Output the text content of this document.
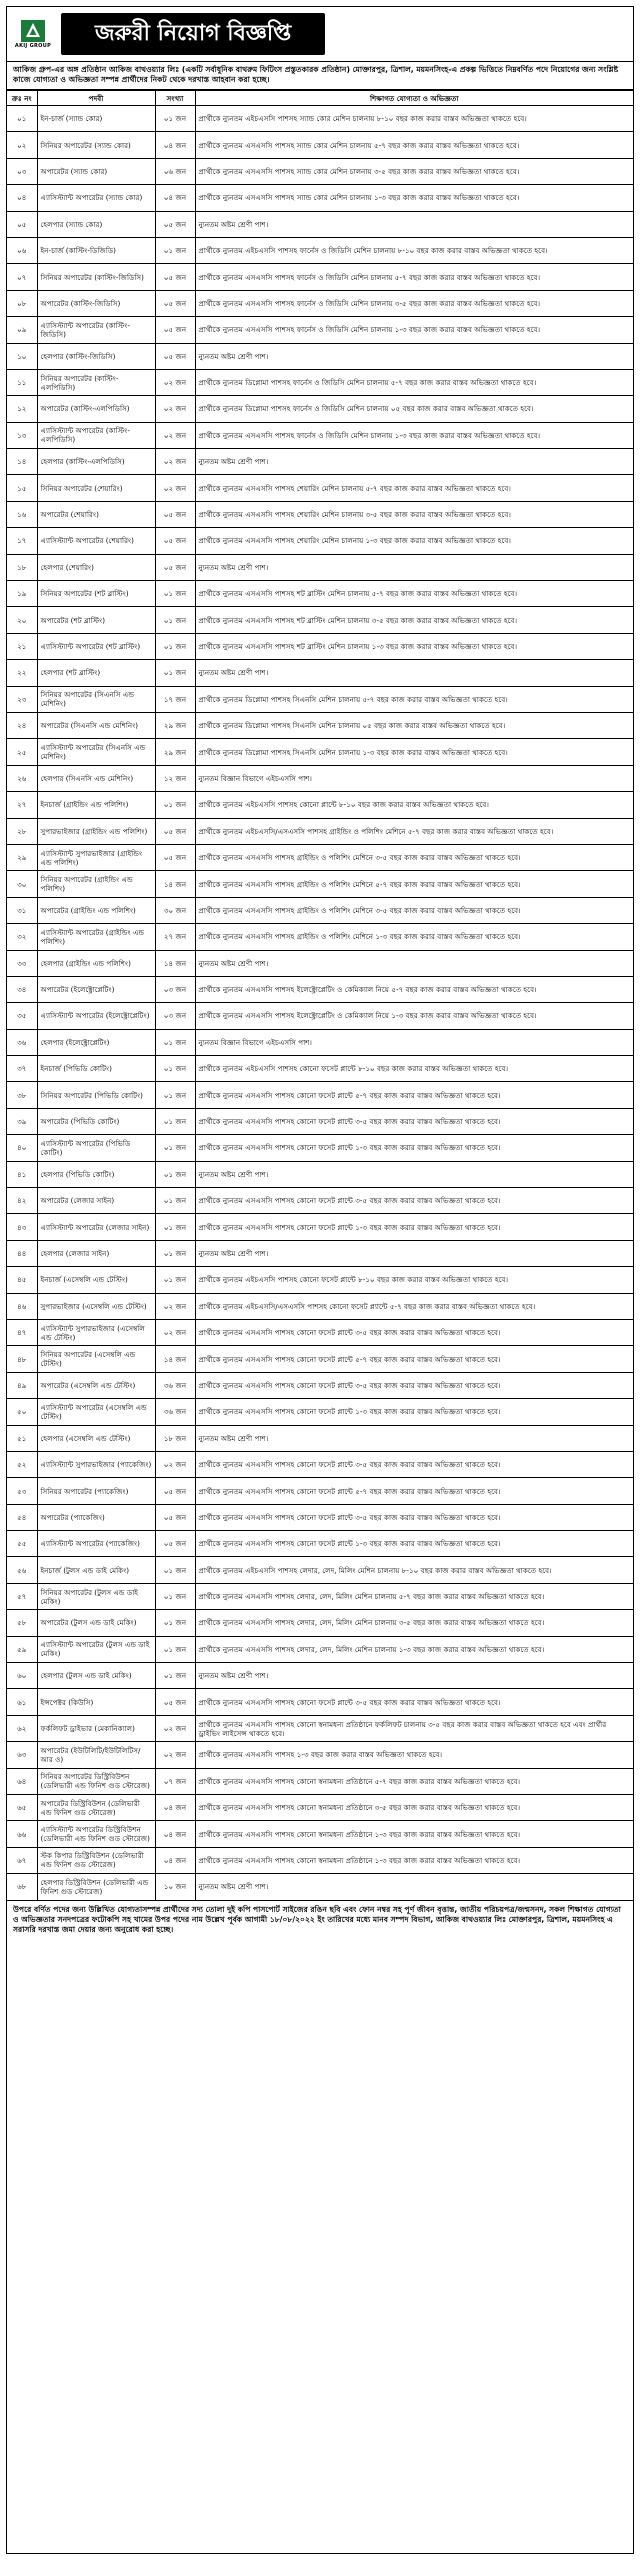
AKIJ GROUP	জরুরী নিয়োগ বিজ্ঞপ্তি
আকিজ গ্রুপ-এর অঙ্গ প্রতিষ্ঠান আকিজ বাথওয়্যার লিঃ (একটি সর্বাধুনিক বাথরুম ফিটিংস প্রস্তুতকারক প্রতিষ্ঠান) মোক্তারপুর, ত্রিশাল, ময়মনসিংহ-এ প্রকল্প ভিত্তিতে নিম্নবর্ণিত পদে নিয়োগের জন্য সংশ্লিষ্ট কাজে যোগ্যতা ও অভিজ্ঞতা সম্পন্ন প্রার্থীদের নিকট থেকে দরখাস্ত আহবান করা হচ্ছে।
ক্রঃ নং	পদবী	সংখ্যা	শিক্ষাগত যোগ্যতা ও অভিজ্ঞতা
০১	ইন-চার্জ (স্যান্ড কোর)	০১ জন	প্রার্থীকে ন্যুনতম এইচএসসি পাশসহ স্যান্ড কোর মেশিন চালনায় ৮-১০ বছর কাজ করার বাস্তব অভিজ্ঞতা থাকতে হবে।
০২	সিনিয়র অপারেটর (স্যান্ড কোর)	০৪ জন	প্রার্থীকে ন্যুনতম এসএসসি পাশসহ স্যান্ড কোর মেশিন চালনায় ৫-৭ বছর কাজ করার বাস্তব অভিজ্ঞতা থাকতে হবে।
০৩	অপারেটর (স্যান্ড কোর)	০৬ জন	প্রার্থীকে ন্যুনতম এসএসসি পাশসহ স্যান্ড কোর মেশিন চালনায় ৩-৫ বছর কাজ করার বাস্তব অভিজ্ঞতা থাকতে হবে।
০৪	এ্যাসিস্ট্যান্ট অপারেটর (স্যান্ড কোর)	০৪ জন	প্রার্থীকে ন্যুনতম এসএসসি পাশসহ স্যান্ড কোর মেশিন চালনায় ১-৩ বছর কাজ করার বাস্তব অভিজ্ঞতা থাকতে হবে।
০৫	হেলপার (স্যান্ড কোর)	০৫ জন	ন্যুনতম অষ্টম শ্রেণী পাশ।
০৬	ইন-চার্জ (কাস্টিং-ডিজিডি)	০১ জন	প্রার্থীকে ন্যুনতম এইচএসসি পাশসহ ফার্নেস ও জিডিসি মেশিন চালনায় ৮-১০ বছর কাজ করার বাস্তব অভিজ্ঞতা থাকতে হবে।
০৭	সিনিয়র অপারেটর (কাস্টিং-জিডিসি)	০৫ জন	প্রার্থীকে ন্যুনতম এসএসসি পাশসহ ফার্নেস ও জিডিসি মেশিন চালনায় ৫-৭ বছর কাজ করার বাস্তব অভিজ্ঞতা থাকতে হবে।
০৮	অপারেটর (কাস্টিং-জিডিসি)	০৫ জন	প্রার্থীকে ন্যুনতম এসএসসি পাশসহ ফার্নেস ও জিডিসি মেশিন চালনায় ৩-৫ বছর কাজ করার বাস্তব অভিজ্ঞতা থাকতে হবে।
০৯	এ্যাসিস্ট্যান্ট অপারেটর (কাস্টিং-জিডিসি)	০৫ জন	প্রার্থীকে ন্যুনতম এসএসসি পাশসহ ফার্নেস ও জিডিসি মেশিন চালনায় ১-৩ বছর কাজ করার বাস্তব অভিজ্ঞতা থাকতে হবে।
১০	হেলপার (কাস্টিং-জিডিসি)	০৫ জন	ন্যুনতম অষ্টম শ্রেণী পাশ।
১১	সিনিয়র অপারেটর (কাস্টিং-এলপিডিসি)	০২ জন	প্রার্থীকে ন্যুনতম ডিপ্লোমা পাশসহ ফার্নেস ও জিডিসি মেশিন চালনায় ৫-৭ বছর কাজ করার বাস্তব অভিজ্ঞতা থাকতে হবে।
১২	অপারেটর (কাস্টিং-এলপিডিসি)	০২ জন	প্রার্থীকে ন্যুনতম ডিপ্লোমা পাশসহ ফার্নেস ও জিডিসি মেশিন চালনায় ০৫ বছর কাজ করার বাস্তব অভিজ্ঞতা থাকতে হবে।
১৩	এ্যাসিস্ট্যান্ট অপারেটর (কাস্টিং-এলপিডিসি)	০২ জন	প্রার্থীকে ন্যুনতম এসএসসি পাশসহ ফার্নেস ও জিডিসি মেশিন চালনায় ১-৩ বছর কাজ করার বাস্তব অভিজ্ঞতা থাকতে হবে।
১৪	হেলপার (কাস্টিং-এলপিডিসি)	০২ জন	ন্যুনতম অষ্টম শ্রেণী পাশ।
১৫	সিনিয়র অপারেটর (শেয়ারিং)	০২ জন	প্রার্থীকে ন্যুনতম এসএসসি পাশসহ শেয়ারিং মেশিন চালনায় ৫-৭ বছর কাজ করার বাস্তব অভিজ্ঞতা থাকতে হবে।
১৬	অপারেটর (শেয়ারিং)	০৫ জন	প্রার্থীকে ন্যুনতম এসএসসি পাশসহ শেয়ারিং মেশিন চালনায় ৩-৫ বছর কাজ করার বাস্তব অভিজ্ঞতা থাকতে হবে।
১৭	এ্যাসিস্ট্যান্ট অপারেটর (শেয়ারিং)	০৫ জন	প্রার্থীকে ন্যুনতম এসএসসি পাশসহ শেয়ারিং মেশিন চালনায় ১-৩ বছর কাজ করার বাস্তব অভিজ্ঞতা থাকতে হবে।
১৮	হেলপার (শেয়ারিং)	০৫ জন	ন্যুনতম অষ্টম শ্রেণী পাশ।
১৯	সিনিয়র অপারেটর (শট ব্লাস্টিং)	০১ জন	প্রার্থীকে ন্যুনতম এসএসসি পাশসহ শট ব্লাস্টিং মেশিন চালনায় ৫-৭ বছর কাজ করার বাস্তব অভিজ্ঞতা থাকতে হবে।
২০	অপারেটর (শট ব্লাস্টিং)	০১ জন	প্রার্থীকে ন্যুনতম এসএসসি পাশসহ শট ব্লাস্টিং মেশিন চালনায় ৩-৫ বছর কাজ করার বাস্তব অভিজ্ঞতা থাকতে হবে।
২১	এ্যাসিস্ট্যান্ট অপারেটর (শট ব্লাস্টিং)	০১ জন	প্রার্থীকে ন্যুনতম এসএসসি পাশসহ শট ব্লাস্টিং মেশিন চালনায় ১-৩ বছর কাজ করার বাস্তব অভিজ্ঞতা থাকতে হবে।
২২	হেলপার (শট ব্লাস্টিং)	০১ জন	ন্যুনতম অষ্টম শ্রেণী পাশ।
২৩	সিনিয়র অপারেটর (সিএনসি এন্ড মেশিনিং)	১৭ জন	প্রার্থীকে ন্যুনতম ডিপ্লোমা পাশসহ সিএনসি মেশিন চালনায় ৫-৭ বছর কাজ করার বাস্তব অভিজ্ঞতা থাকতে হবে।
২৪	অপারেটর (সিএনসি এন্ড মেশিনিং)	২৯ জন	প্রার্থীকে ন্যুনতম ডিপ্লোমা পাশসহ সিএনসি মেশিন চালনায় ০৫ বছর কাজ করার বাস্তব অভিজ্ঞতা থাকতে হবে।
২৫	এ্যাসিস্ট্যান্ট অপারেটর (সিএনসি এন্ড মেশিনিং)	২৯ জন	প্রার্থীকে ন্যুনতম ডিপ্লোমা পাশসহ সিএনসি মেশিন চালনায় ১-৩ বছর কাজ করার বাস্তব অভিজ্ঞতা থাকতে হবে।
২৬	হেলপার (সিএনসি এন্ড মেশিনিং)	১২ জন	ন্যুনতম বিজ্ঞান বিভাগে এইচএসসি পাশ।
২৭	ইনচার্জ (গ্রাইন্ডিং এন্ড পলিশিং)	০১ জন	প্রার্থীকে ন্যুনতম এইচএসসি পাশসহ কোনো প্লান্টে ৮-১০ বছর কাজ করার বাস্তব অভিজ্ঞতা থাকতে হবে।
২৮	সুপারভাইজার (গ্রাইন্ডিং এন্ড পলিশিং)	০৫ জন	প্রার্থীকে ন্যুনতম এইচএসসি/এসএসসি পাশসহ গ্রাইন্ডিং ও পলিশিং মেশিনে ৫-৭ বছর কাজ করার বাস্তব অভিজ্ঞতা থাকতে হবে।
২৯	এ্যাসিস্ট্যান্ট সুপারভাইজার (গ্রাইন্ডিং এন্ড পলিশিং)	০৫ জন	প্রার্থীকে ন্যুনতম এসএসসি পাশসহ গ্রাইন্ডিং ও পলিশিং মেশিনে ৩-৫ বছর কাজ করার বাস্তব অভিজ্ঞতা থাকতে হবে।
৩০	সিনিয়র অপারেটর (গ্রাইন্ডিং এন্ড পলিশিং)	১৪ জন	প্রার্থীকে ন্যুনতম এসএসসি পাশসহ গ্রাইন্ডিং ও পলিশিং মেশিনে ৫-৭ বছর কাজ করার বাস্তব অভিজ্ঞতা থাকতে হবে।
৩১	অপারেটর (গ্রাইন্ডিং এন্ড পলিশিং)	৩০ জন	প্রার্থীকে ন্যুনতম এসএসসি পাশসহ গ্রাইন্ডিং ও পলিশিং মেশিনে ৩-৫ বছর কাজ করার বাস্তব অভিজ্ঞতা থাকতে হবে।
৩২	এ্যাসিস্ট্যান্ট অপারেটর (গ্রাইন্ডিং এন্ড পলিশিং)	২৭ জন	প্রার্থীকে ন্যুনতম এসএসসি পাশসহ গ্রাইন্ডিং ও পলিশিং মেশিনে ১-৩ বছর কাজ করার বাস্তব অভিজ্ঞতা থাকতে হবে।
৩৩	হেলপার (গ্রাইন্ডিং এন্ড পলিশিং)	১৪ জন	ন্যুনতম অষ্টম শ্রেণী পাশ।
৩৪	অপারেটর (ইলেক্ট্রোপ্লেটিং)	০৩ জন	প্রার্থীকে ন্যুনতম এসএসসি পাশসহ ইলেক্ট্রোপ্লেটিং ও কেমিক্যাল নিয়ে ৫-৭ বছর কাজ করার বাস্তব অভিজ্ঞতা থাকতে হবে।
৩৫	এ্যাসিস্ট্যান্ট অপারেটর (ইলেক্ট্রোপ্লেটিং)	০৩ জন	প্রার্থীকে ন্যুনতম এসএসসি পাশসহ ইলেক্ট্রোপ্লেটিং ও কেমিক্যাল নিয়ে ১-৩ বছর কাজ করার বাস্তব অভিজ্ঞতা থাকতে হবে।
৩৬	হেলপার (ইলেক্ট্রোপ্লেটিং)	০১ জন	ন্যুনতম বিজ্ঞান বিভাগে এইচএসসি পাশ।
৩৭	ইনচার্জ (পিভিডি কোটিং)	০১ জন	প্রার্থীকে ন্যুনতম এইচএসসি পাশসহ কোনো ফসেট প্লান্টে ৮-১০ বছর কাজ করার বাস্তব অভিজ্ঞতা থাকতে হবে।
৩৮	সিনিয়র অপারেটর (পিভিডি কোটিং)	০১ জন	প্রার্থীকে ন্যুনতম এসএসসি পাশসহ কোনো ফসেট প্লান্টে ৫-৭ বছর কাজ করার বাস্তব অভিজ্ঞতা থাকতে হবে।
৩৯	অপারেটর (পিভিডি কোটিং)	০১ জন	প্রার্থীকে ন্যুনতম এসএসসি পাশসহ কোনো ফসেট প্লান্টে ৩-৫ বছর কাজ করার বাস্তব অভিজ্ঞতা থাকতে হবে।
৪০	এ্যাসিস্ট্যান্ট অপারেটর (পিভিডি কোটিং)	০১ জন	প্রার্থীকে ন্যুনতম এসএসসি পাশসহ কোনো ফসেট প্লান্টে ১-৩ বছর কাজ করার বাস্তব অভিজ্ঞতা থাকতে হবে।
৪১	হেলপার (পিভিডি কোটিং)	০১ জন	ন্যুনতম অষ্টম শ্রেণী পাশ।
৪২	অপারেটর (লেজার সাইন)	০১ জন	প্রার্থীকে ন্যুনতম এসএসসি পাশসহ কোনো ফসেট প্লান্টে ৩-৫ বছর কাজ করার বাস্তব অভিজ্ঞতা থাকতে হবে।
৪৩	এ্যাসিস্ট্যান্ট অপারেটর (লেজার সাইন)	০১ জন	প্রার্থীকে ন্যুনতম এসএসসি পাশসহ কোনো ফসেট প্লান্টে ১-৩ বছর কাজ করার বাস্তব অভিজ্ঞতা থাকতে হবে।
৪৪	হেলপার (লেজার সাইন)	০১ জন	ন্যুনতম অষ্টম শ্রেণী পাশ।
৪৫	ইনচার্জ (এসেম্বলি এন্ড টেস্টিং)	০১ জন	প্রার্থীকে ন্যুনতম এইচএসসি পাশসহ কোনো ফসেট প্লান্টে ৮-১০ বছর কাজ করার বাস্তব অভিজ্ঞতা থাকতে হবে।
৪৬	সুপারভাইজার (এসেম্বলি এন্ড টেস্টিং)	০২ জন	প্রার্থীকে ন্যুনতম এইচএসসি/এসএসসি পাশসহ কোনো ফসেট প্ল্যান্টে ৫-৭ বছর কাজ করার বাস্তব অভিজ্ঞতা থাকতে হবে।
৪৭	এ্যাসিস্ট্যান্ট সুপারভাইজার (এসেম্বলি এন্ড টেস্টিং)	০২ জন	প্রার্থীকে ন্যুনতম এসএসসি পাশসহ কোনো ফসেট প্লান্টে ৩-৫ বছর কাজ করার বাস্তব অভিজ্ঞতা থাকতে হবে।
৪৮	সিনিয়র অপারেটর (এসেম্বলি এন্ড টেস্টিং)	১৪ জন	প্রার্থীকে ন্যুনতম এসএসসি পাশসহ কোনো ফসেট প্লান্টে ৫-৭ বছর কাজ করার বাস্তব অভিজ্ঞতা থাকতে হবে।
৪৯	অপারেটর (এসেম্বলি এন্ড টেস্টিং)	৩৬ জন	প্রার্থীকে ন্যুনতম এসএসসি পাশসহ কোনো ফসেট প্লান্টে ৩-৫ বছর কাজ করার বাস্তব অভিজ্ঞতা থাকতে হবে।
৫০	এ্যাসিস্ট্যান্ট অপারেটর (এসেম্বলি এন্ড টেস্টিং)	৩৬ জন	প্রার্থীকে ন্যুনতম এসএসসি পাশসহ কোনো ফসেট প্লান্টে ১-৩ বছর কাজ করার বাস্তব অভিজ্ঞতা থাকতে হবে।
৫১	হেলপার (এসেম্বলি এন্ড টেস্টিং)	১৮ জন	ন্যুনতম অষ্টম শ্রেণী পাশ।
৫২	এ্যাসিস্ট্যান্ট সুপারভাইজার (প্যাকেজিং)	০২ জন	প্রার্থীকে ন্যুনতম এসএসসি পাশসহ কোনো ফসেট প্লান্টে ৩-৫ বছর কাজ করার বাস্তব অভিজ্ঞতা থাকতে হবে।
৫৩	সিনিয়র অপারেটর (প্যাকেজিং)	০৫ জন	প্রার্থীকে ন্যুনতম এসএসসি পাশসহ কোনো ফসেট প্লান্টে ৫-৭ বছর কাজ করার বাস্তব অভিজ্ঞতা থাকতে হবে।
৫৪	অপারেটর (প্যাকেজিং)	০৫ জন	প্রার্থীকে ন্যুনতম এসএসসি পাশসহ কোনো ফসেট প্লান্টে ৩-৫ বছর কাজ করার বাস্তব অভিজ্ঞতা থাকতে হবে।
৫৫	এ্যাসিস্ট্যান্ট অপারেটর (প্যাকেজিং)	০৫ জন	প্রার্থীকে ন্যুনতম এসএসসি পাশসহ কোনো ফসেট প্লান্টে ১-৩ বছর কাজ করার বাস্তব অভিজ্ঞতা থাকতে হবে।
৫৬	ইনচার্জ (টুলস এন্ড ডাই মেকিং)	০১ জন	প্রার্থীকে ন্যুনতম এইচএসসি পাশসহ লেদার, লেদ, মিলিং মেশিন চালনায় ৮-১০ বছর কাজ করার বাস্তব অভিজ্ঞতা থাকতে হবে।
৫৭	সিনিয়র অপারেটর (টুলস এন্ড ডাই মেকিং)	০১ জন	প্রার্থীকে ন্যুনতম এসএসসি পাশসহ লেদার, লেদ, মিলিং মেশিন চালনায় ৫-৭ বছর কাজ করার বাস্তব অভিজ্ঞতা থাকতে হবে।
৫৮	অপারেটর (টুলস এন্ড ডাই মেকিং)	০১ জন	প্রার্থীকে ন্যুনতম এসএসসি পাশসহ লেদার, লেদ, মিলিং মেশিন চালনায় ৩-৫ বছর কাজ করার বাস্তব অভিজ্ঞতা থাকতে হবে।
৫৯	এ্যাসিস্ট্যান্ট অপারেটর (টুলস এন্ড ডাই মেকিং)	০১ জন	প্রার্থীকে ন্যুনতম এসএসসি পাশসহ লেদার, লেদ, মিলিং মেশিন চালনায় ১-৩ বছর কাজ করার বাস্তব অভিজ্ঞতা থাকতে হবে।
৬০	হেলপার (টুলস এন্ড ডাই মেকিং)	০১ জন	ন্যুনতম অষ্টম শ্রেণী পাশ।
৬১	ইন্সপেক্টর (কিউসি)	০৫ জন	প্রার্থীকে ন্যুনতম এসএসসি পাশসহ কোনো ফসেট প্লান্টে ৩-৫ বছর কাজ করার বাস্তব অভিজ্ঞতা থাকতে হবে।
৬২	ফর্কলিফট ড্রাইভার (মেকানিক্যাল)	০২ জন	প্রার্থীকে ন্যুনতম এসএসসি পাশসহ কোনো স্বনামধন্য প্রতিষ্ঠানে ফর্কলিফট চালনায় ৩-৫ বছর কাজ করার বাস্তব অভিজ্ঞতা থাকতে হবে এবং প্রার্থীর ড্রাইভিং লাইসেন্স থাকতে হবে।
৬৩	অপারেটর (ইউটিলিটি/ইউটিলিটিস/আর ও)	০২ জন	প্রার্থীকে ন্যুনতম এসএসসি পাশসহ ১-৩ বছর কাজ করার বাস্তব অভিজ্ঞতা থাকতে হবে।
৬৪	সিনিয়র অপারেটর ডিস্ট্রিবিউশন (ডেলিভারী এন্ড ফিনিশ গুড স্টোরেজ)	০৭ জন	প্রার্থীকে ন্যুনতম এসএসসি পাশসহ কোনো স্বনামধন্য প্রতিষ্ঠানে ৫-৭ বছর কাজ করার বাস্তব অভিজ্ঞতা থাকতে হবে।
৬৫	অপারেটর ডিস্ট্রিবিউশন (ডেলিভারী এন্ড ফিনিশ গুড স্টোরেজ)	০৪ জন	প্রার্থীকে ন্যুনতম এসএসসি পাশসহ কোনো স্বনামধন্য প্রতিষ্ঠানে ৩-৫ বছর কাজ করার বাস্তব অভিজ্ঞতা থাকতে হবে।
৬৬	এ্যাসিস্ট্যান্ট অপারেটর ডিস্ট্রিবিউশন (ডেলিভারী এন্ড ফিনিশ গুড স্টোরেজ)	০৪ জন	প্রার্থীকে ন্যুনতম এসএসসি পাশসহ কোনো স্বনামধন্য প্রতিষ্ঠানে ১-৩ বছর কাজ করার বাস্তব অভিজ্ঞতা থাকতে হবে।
৬৭	স্টক কিপার ডিস্ট্রিবিউশন (ডেলিভারী এন্ড ফিনিশ গুড স্টোরেজ)	০৪ জন	প্রার্থীকে ন্যুনতম এসএসসি পাশসহ কোনো স্বনামধন্য প্রতিষ্ঠানে ১-৩ বছর কাজ করার বাস্তব অভিজ্ঞতা থাকতে হবে।
৬৮	হেলপার ডিস্ট্রিবিউশন (ডেলিভারী এন্ড ফিনিশ গুড স্টোরেজ)	১০ জন	ন্যুনতম অষ্টম শ্রেণী পাশ।
উপরে বর্ণিত পদের জন্য উল্লিখিত যোগ্যতাসম্পন্ন প্রার্থীদের সদ্য তোলা দুই কপি পাসপোর্ট সাইজের রঙিন ছবি এবং ফোন নম্বর সহ পূর্ণ জীবন বৃত্তান্ত, জাতীয় পরিচয়পত্র/জন্মসনদ, সকল শিক্ষাগত যোগ্যতা ও অভিজ্ঞতার সনদপত্রের ফটোকপি সহ খামের উপর পদের নাম উল্লেখ পূর্বক আগামী ১৮/০৮/২০২২ ইং তারিখের মধ্যে মানব সম্পদ বিভাগ, আকিজ বাথওয়্যার লিঃ মোক্তারপুর, ত্রিশাল, ময়মনসিংহ এ সরাসরি দরখাস্ত জমা দেয়ার জন্য অনুরোধ করা হচ্ছে।
